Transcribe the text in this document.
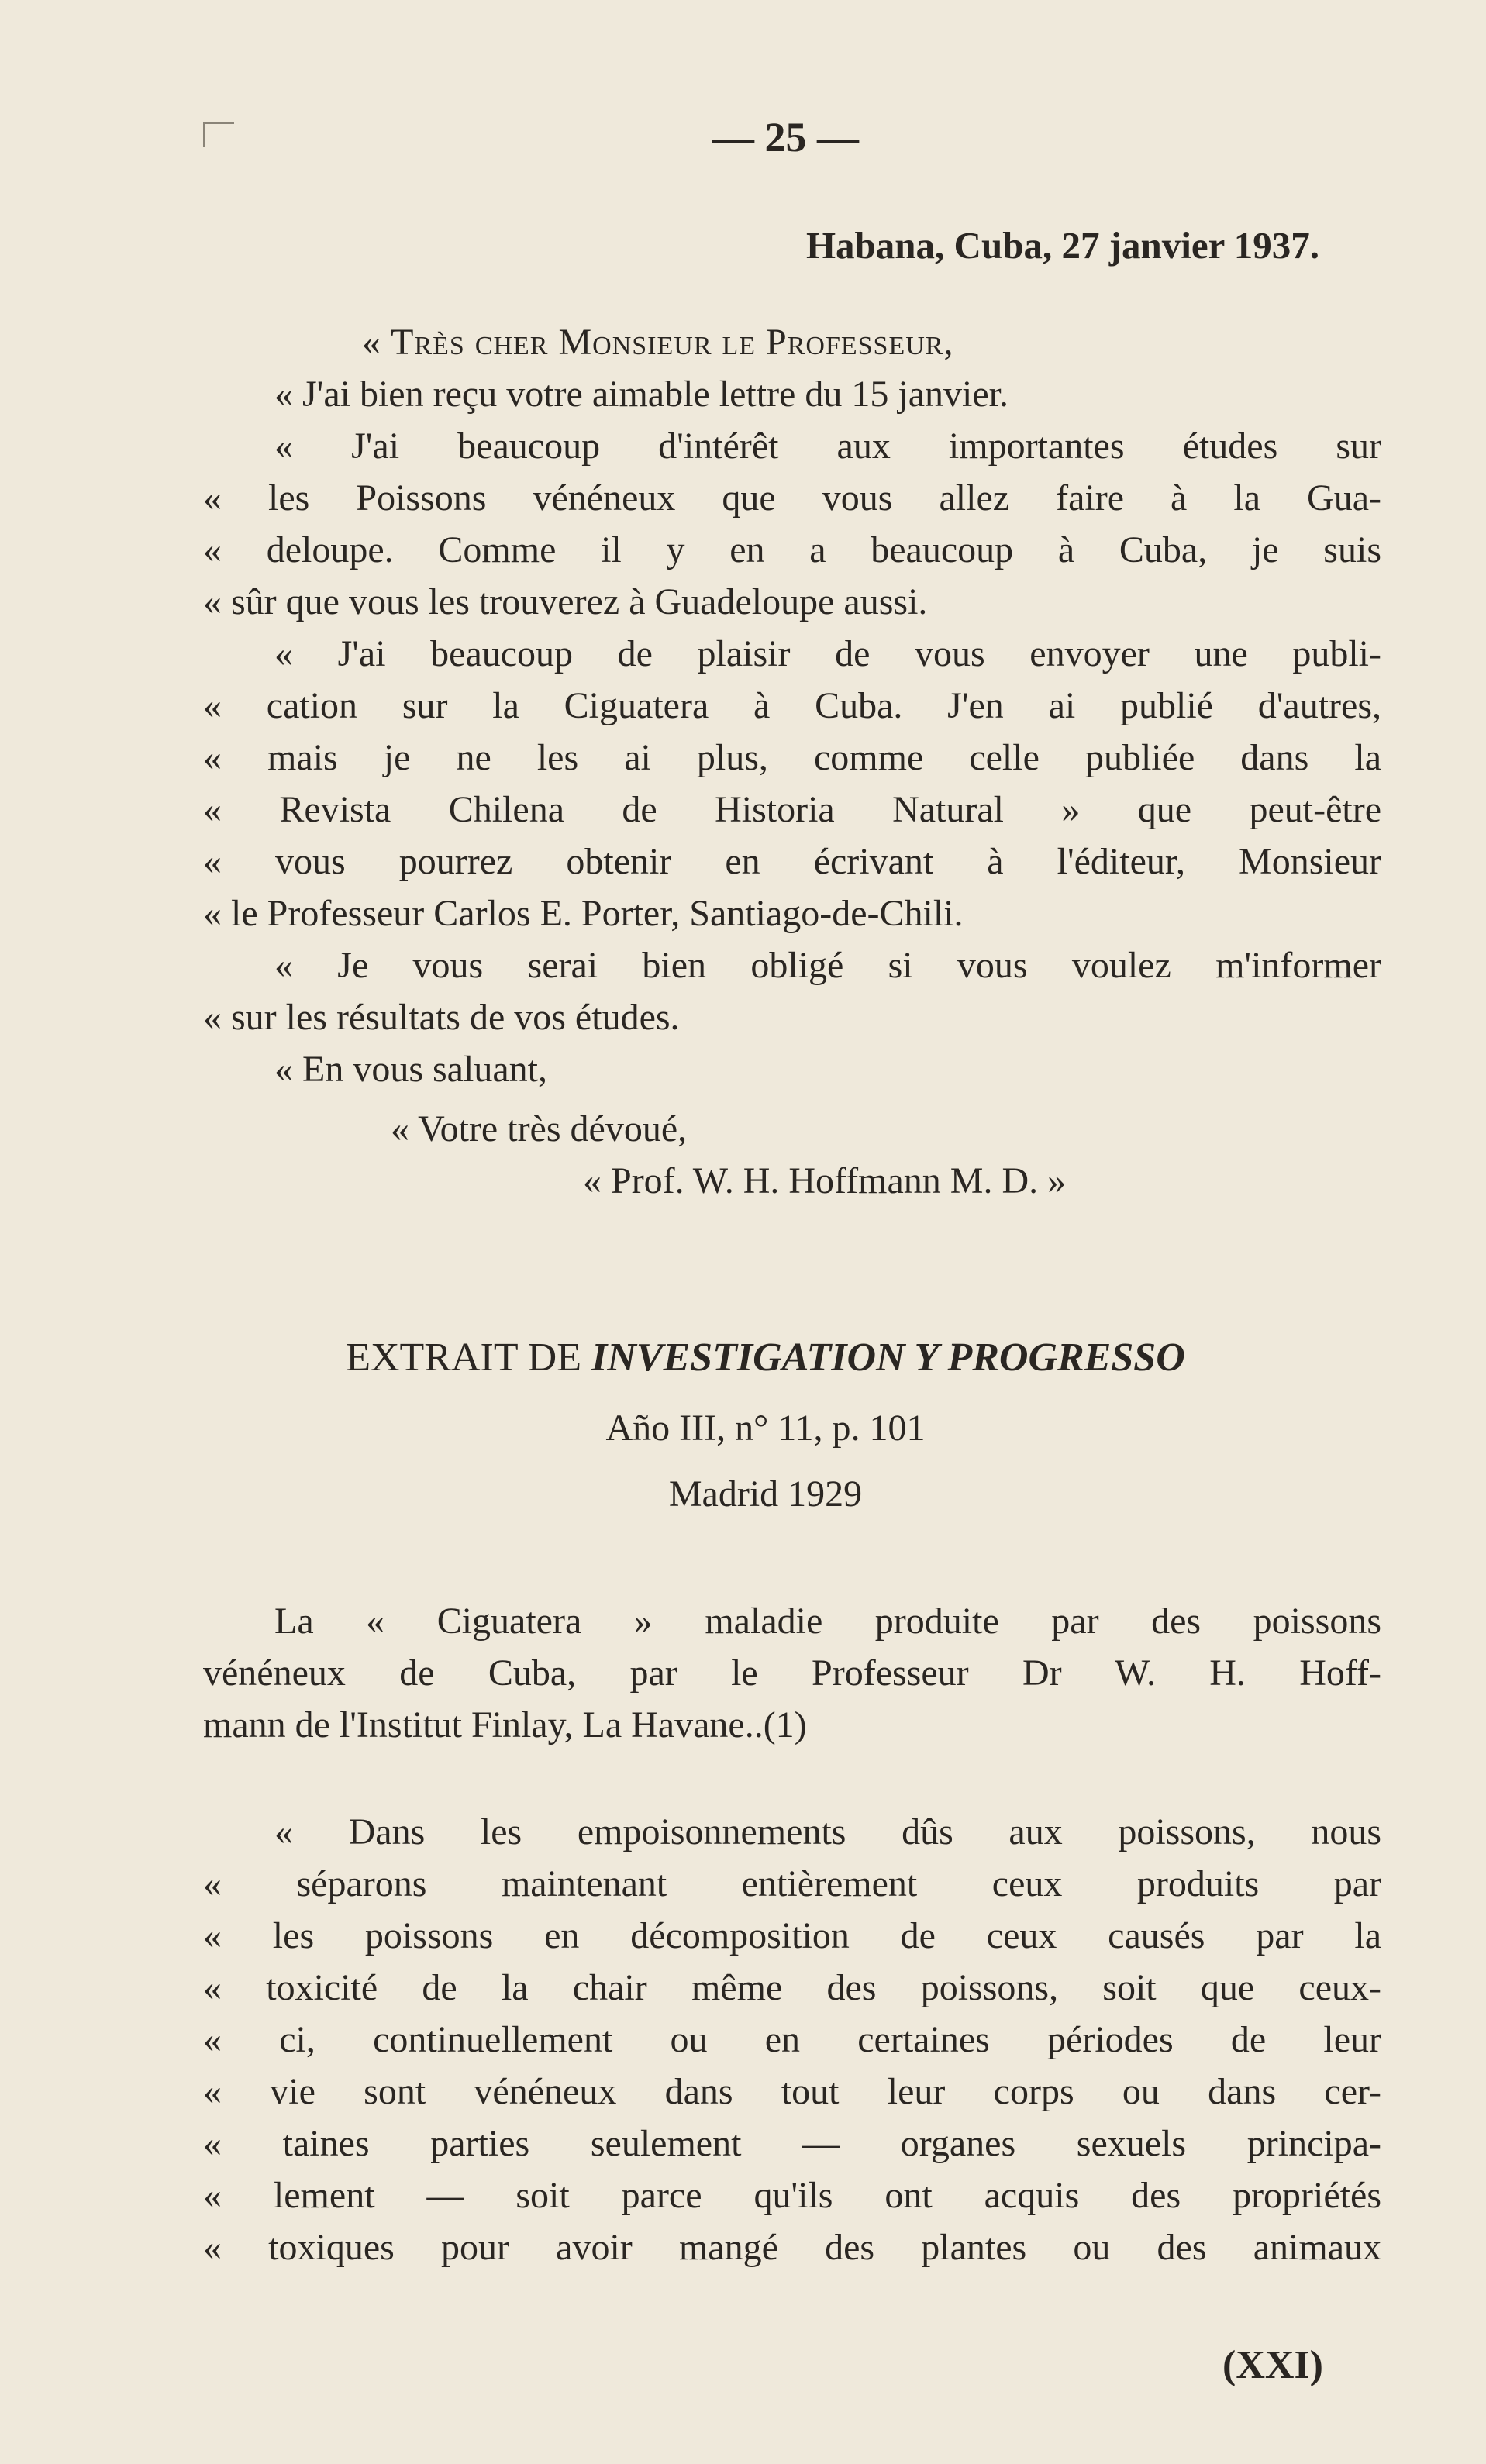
— 25 —
Habana, Cuba, 27 janvier 1937.
« Très cher Monsieur le Professeur,
« J'ai bien reçu votre aimable lettre du 15 janvier.
« J'ai beaucoup d'intérêt aux importantes études sur
« les Poissons vénéneux que vous allez faire à la Gua-
« deloupe. Comme il y en a beaucoup à Cuba, je suis
« sûr que vous les trouverez à Guadeloupe aussi.
« J'ai beaucoup de plaisir de vous envoyer une publi-
« cation sur la Ciguatera à Cuba. J'en ai publié d'autres,
« mais je ne les ai plus, comme celle publiée dans la
« Revista Chilena de Historia Natural » que peut-être
« vous pourrez obtenir en écrivant à l'éditeur, Monsieur
« le Professeur Carlos E. Porter, Santiago-de-Chili.
« Je vous serai bien obligé si vous voulez m'informer
« sur les résultats de vos études.
« En vous saluant,
« Votre très dévoué,
« Prof. W. H. Hoffmann M. D. »
EXTRAIT DE INVESTIGATION Y PROGRESSO
Año III, n° 11, p. 101
Madrid 1929
La « Ciguatera » maladie produite par des poissons
vénéneux de Cuba, par le Professeur Dr W. H. Hoff-
mann de l'Institut Finlay, La Havane..(1)
« Dans les empoisonnements dûs aux poissons, nous
« séparons maintenant entièrement ceux produits par
« les poissons en décomposition de ceux causés par la
« toxicité de la chair même des poissons, soit que ceux-
« ci, continuellement ou en certaines périodes de leur
« vie sont vénéneux dans tout leur corps ou dans cer-
« taines parties seulement — organes sexuels principa-
« lement — soit parce qu'ils ont acquis des propriétés
« toxiques pour avoir mangé des plantes ou des animaux
(XXI)
